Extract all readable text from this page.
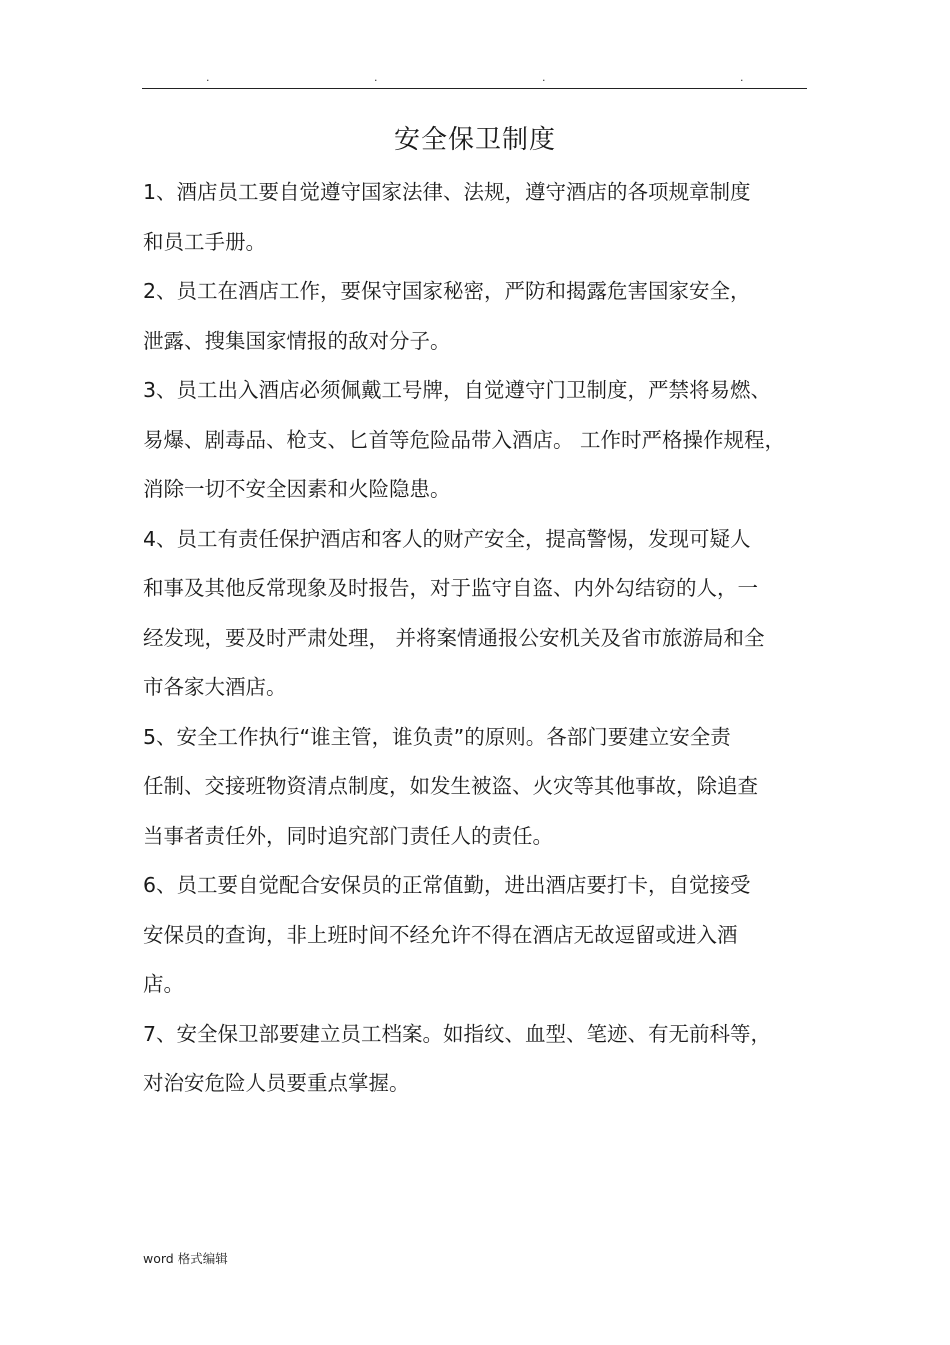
.	.	.	.
安全保卫制度
1、酒店员工要自觉遵守国家法律、法规，遵守酒店的各项规章制度
和员工手册。
2、员工在酒店工作，要保守国家秘密，严防和揭露危害国家安全，
泄露、搜集国家情报的敌对分子。
3、员工出入酒店必须佩戴工号牌，自觉遵守门卫制度，严禁将易燃、
易爆、剧毒品、枪支、匕首等危险品带入酒店。 工作时严格操作规程，
消除一切不安全因素和火险隐患。
4、员工有责任保护酒店和客人的财产安全，提高警惕，发现可疑人
和事及其他反常现象及时报告，对于监守自盗、内外勾结窃的人，一
经发现，要及时严肃处理， 并将案情通报公安机关及省市旅游局和全
市各家大酒店。
5、安全工作执行“谁主管，谁负责”的原则。各部门要建立安全责
任制、交接班物资清点制度，如发生被盗、火灾等其他事故，除追查
当事者责任外，同时追究部门责任人的责任。
6、员工要自觉配合安保员的正常值勤，进出酒店要打卡，自觉接受
安保员的查询，非上班时间不经允许不得在酒店无故逗留或进入酒
店。
7、安全保卫部要建立员工档案。如指纹、血型、笔迹、有无前科等，
对治安危险人员要重点掌握。
word 格式编辑
